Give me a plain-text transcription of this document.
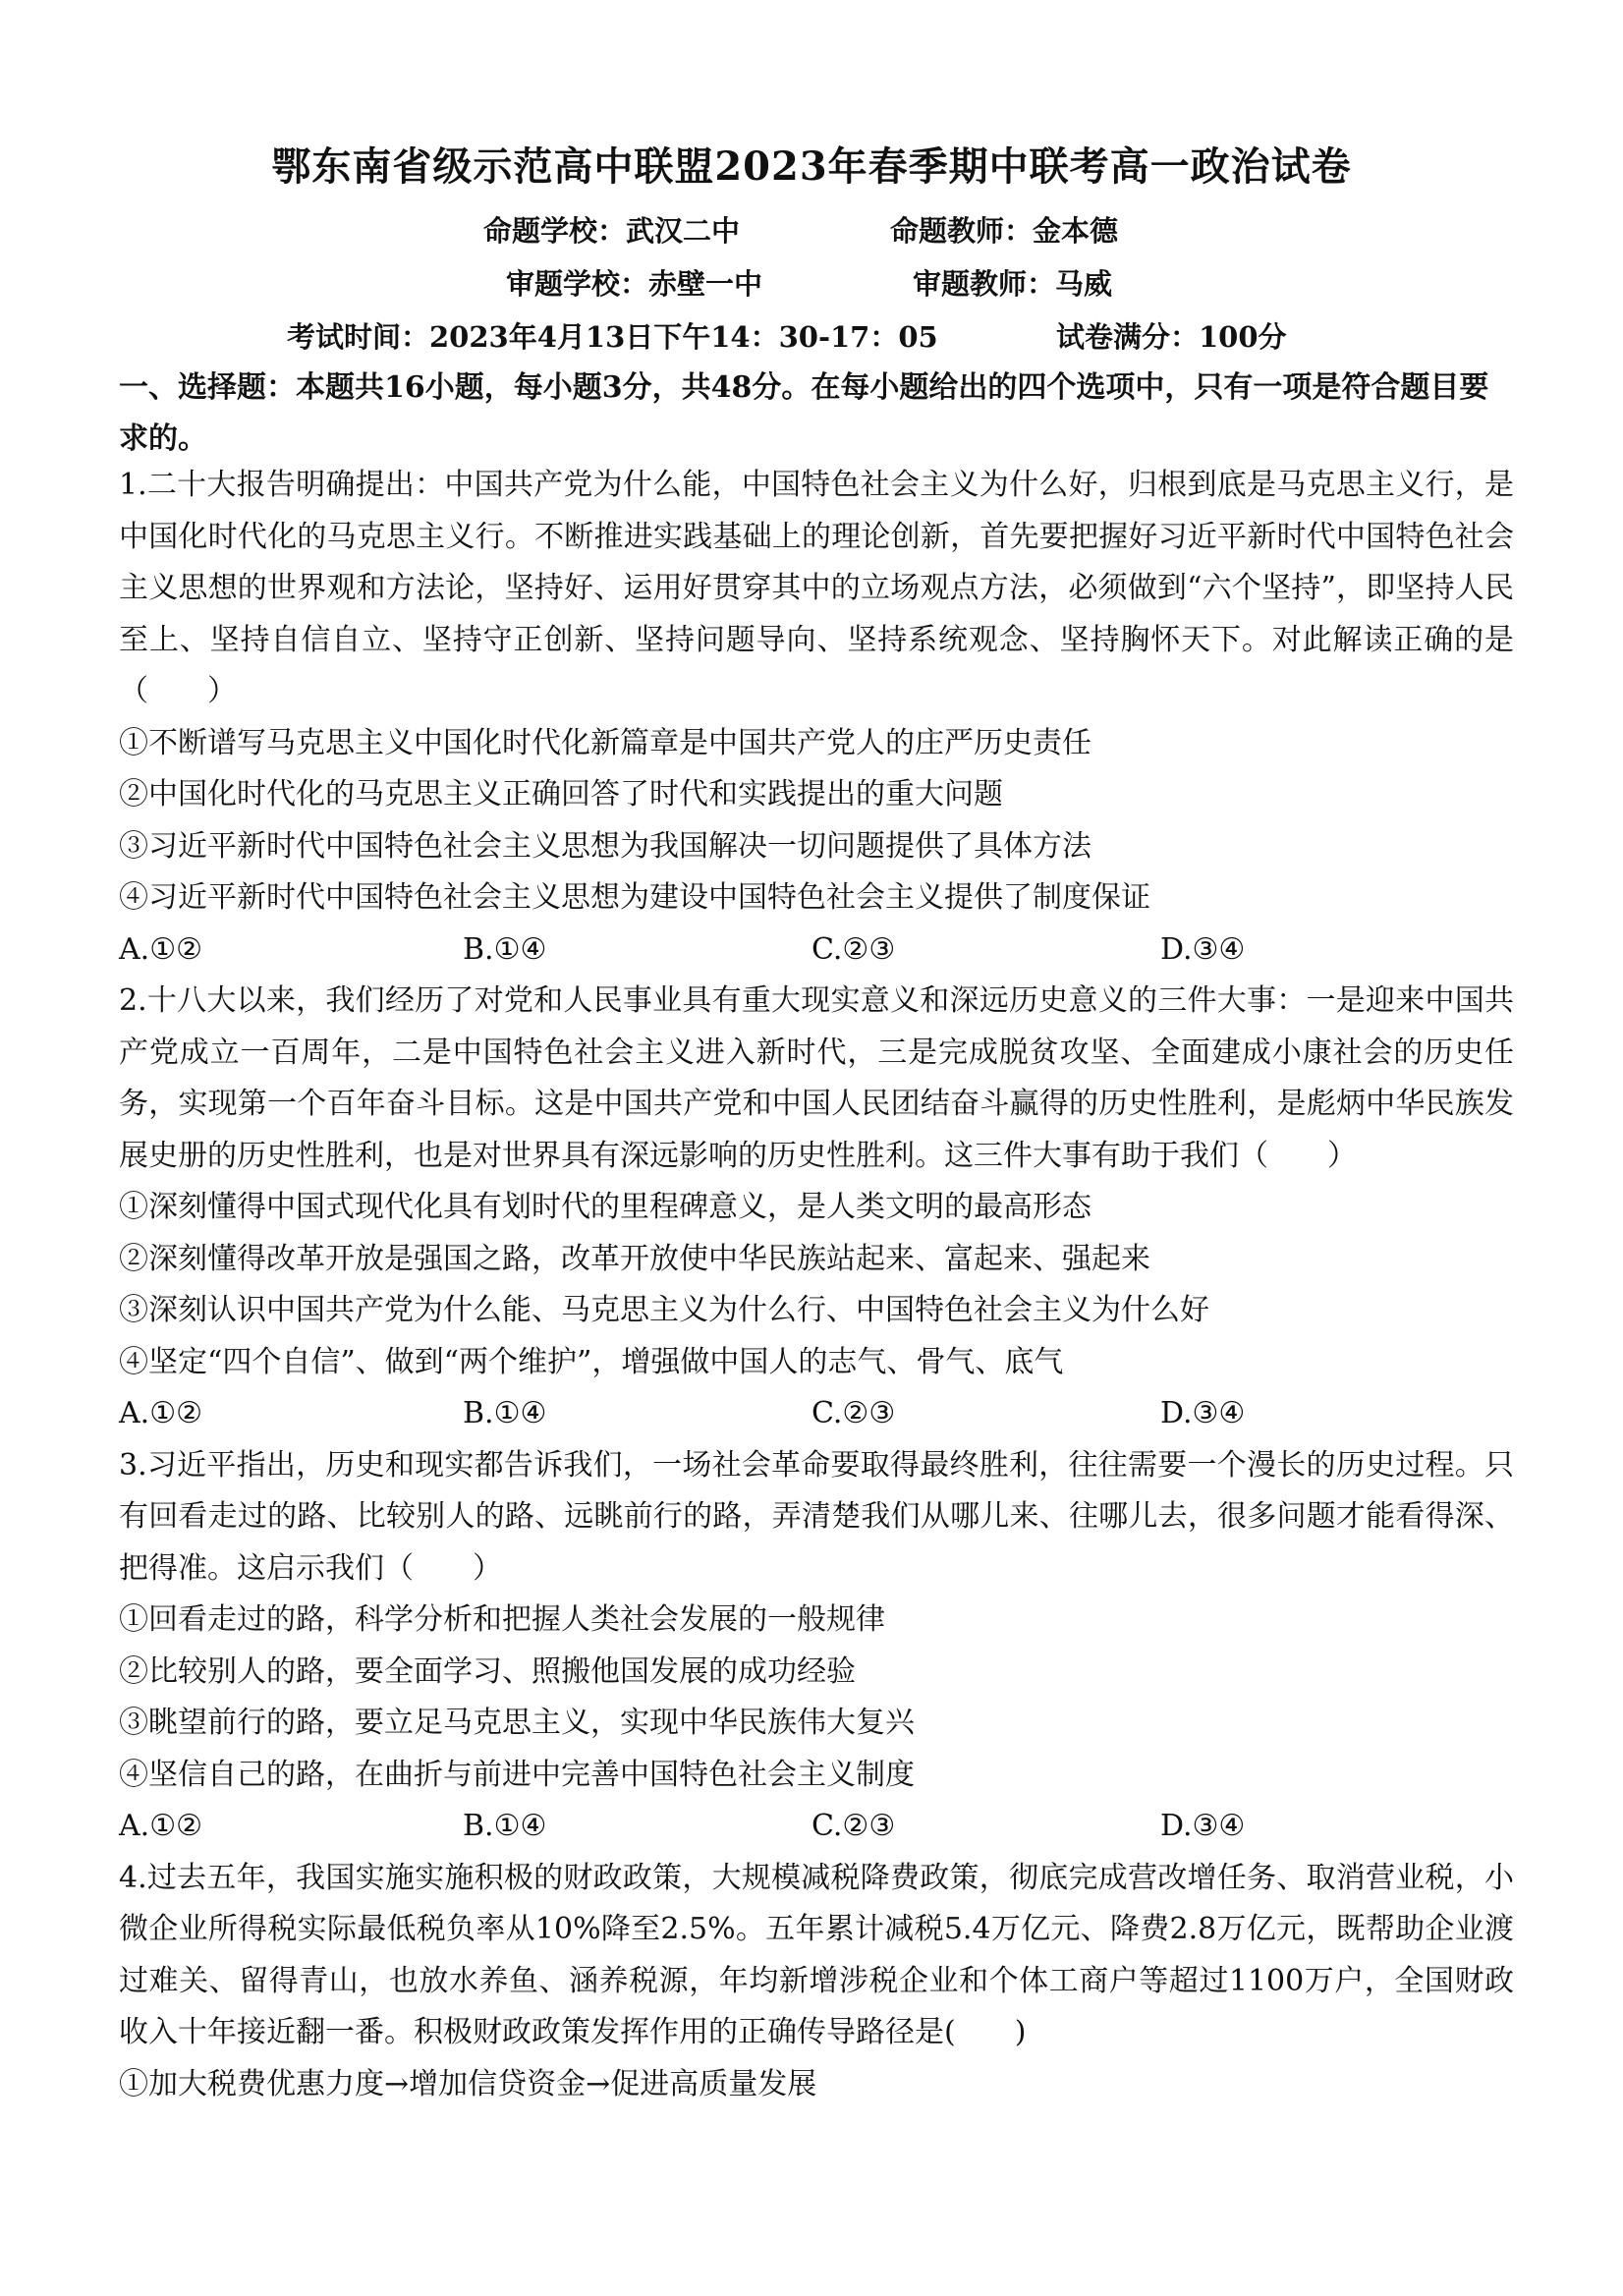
鄂东南省级示范高中联盟2023年春季期中联考高一政治试卷
命题学校：武汉二中	命题教师：金本德
审题学校：赤壁一中	审题教师：马威
考试时间：2023年4月13日下午14：30-17：05	试卷满分：100分
一、选择题：本题共16小题，每小题3分，共48分。在每小题给出的四个选项中，只有一项是符合题目要求的。

1.二十大报告明确提出：中国共产党为什么能，中国特色社会主义为什么好，归根到底是马克思主义行，是中国化时代化的马克思主义行。不断推进实践基础上的理论创新，首先要把握好习近平新时代中国特色社会主义思想的世界观和方法论，坚持好、运用好贯穿其中的立场观点方法，必须做到“六个坚持”，即坚持人民至上、坚持自信自立、坚持守正创新、坚持问题导向、坚持系统观念、坚持胸怀天下。对此解读正确的是（　　）

①不断谱写马克思主义中国化时代化新篇章是中国共产党人的庄严历史责任

②中国化时代化的马克思主义正确回答了时代和实践提出的重大问题

③习近平新时代中国特色社会主义思想为我国解决一切问题提供了具体方法

④习近平新时代中国特色社会主义思想为建设中国特色社会主义提供了制度保证

A.①②	B.①④	C.②③	D.③④

2.十八大以来，我们经历了对党和人民事业具有重大现实意义和深远历史意义的三件大事：一是迎来中国共产党成立一百周年，二是中国特色社会主义进入新时代，三是完成脱贫攻坚、全面建成小康社会的历史任务，实现第一个百年奋斗目标。这是中国共产党和中国人民团结奋斗赢得的历史性胜利，是彪炳中华民族发展史册的历史性胜利，也是对世界具有深远影响的历史性胜利。这三件大事有助于我们（　　）

①深刻懂得中国式现代化具有划时代的里程碑意义，是人类文明的最高形态

②深刻懂得改革开放是强国之路，改革开放使中华民族站起来、富起来、强起来

③深刻认识中国共产党为什么能、马克思主义为什么行、中国特色社会主义为什么好

④坚定“四个自信”、做到“两个维护”，增强做中国人的志气、骨气、底气

A.①②	B.①④	C.②③	D.③④

3.习近平指出，历史和现实都告诉我们，一场社会革命要取得最终胜利，往往需要一个漫长的历史过程。只有回看走过的路、比较别人的路、远眺前行的路，弄清楚我们从哪儿来、往哪儿去，很多问题才能看得深、把得准。这启示我们（　　）

①回看走过的路，科学分析和把握人类社会发展的一般规律

②比较别人的路，要全面学习、照搬他国发展的成功经验

③眺望前行的路，要立足马克思主义，实现中华民族伟大复兴

④坚信自己的路，在曲折与前进中完善中国特色社会主义制度

A.①②	B.①④	C.②③	D.③④

4.过去五年，我国实施实施积极的财政政策，大规模减税降费政策，彻底完成营改增任务、取消营业税，小微企业所得税实际最低税负率从10%降至2.5%。五年累计减税5.4万亿元、降费2.8万亿元，既帮助企业渡过难关、留得青山，也放水养鱼、涵养税源，年均新增涉税企业和个体工商户等超过1100万户，全国财政收入十年接近翻一番。积极财政政策发挥作用的正确传导路径是(　　)

①加大税费优惠力度→增加信贷资金→促进高质量发展
